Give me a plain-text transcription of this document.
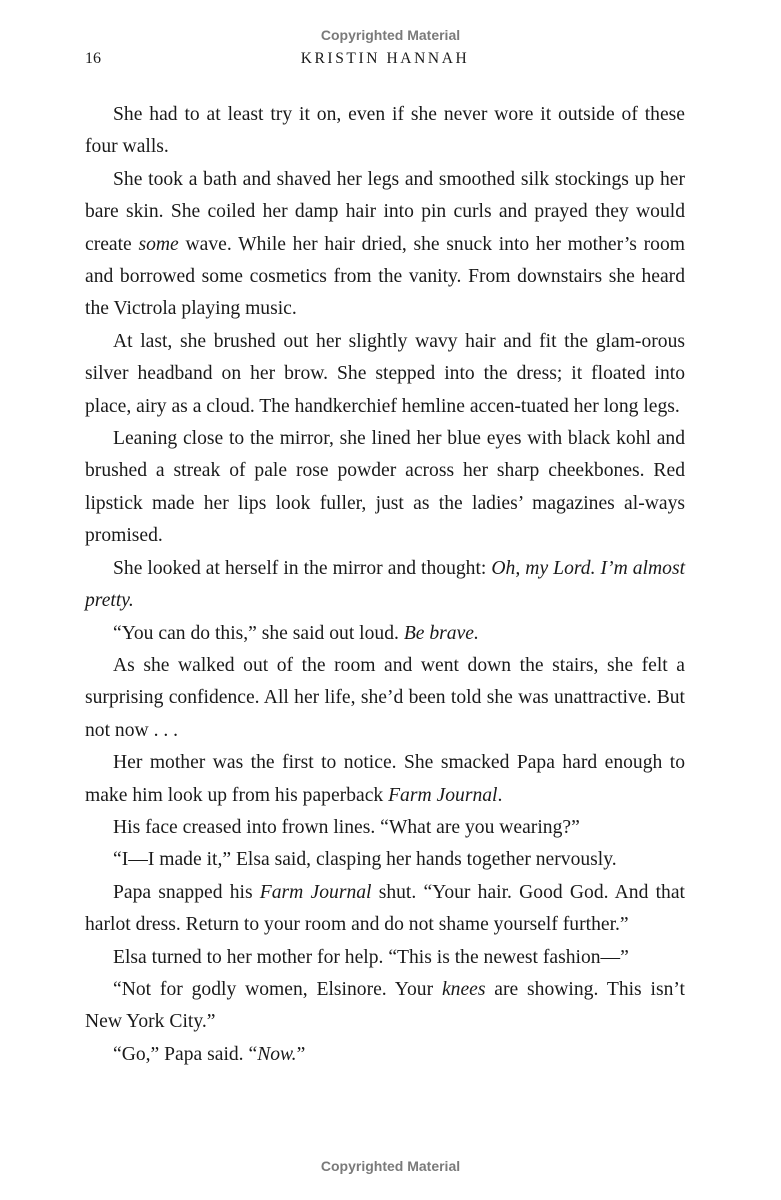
Copyrighted Material
16	KRISTIN HANNAH

She had to at least try it on, even if she never wore it outside of these four walls.

She took a bath and shaved her legs and smoothed silk stockings up her bare skin. She coiled her damp hair into pin curls and prayed they would create some wave. While her hair dried, she snuck into her mother’s room and borrowed some cosmetics from the vanity. From downstairs she heard the Victrola playing music.

At last, she brushed out her slightly wavy hair and fit the glam-orous silver headband on her brow. She stepped into the dress; it floated into place, airy as a cloud. The handkerchief hemline accen-tuated her long legs.

Leaning close to the mirror, she lined her blue eyes with black kohl and brushed a streak of pale rose powder across her sharp cheekbones. Red lipstick made her lips look fuller, just as the ladies’ magazines al-ways promised.

She looked at herself in the mirror and thought: Oh, my Lord. I’m almost pretty.

“You can do this,” she said out loud. Be brave.

As she walked out of the room and went down the stairs, she felt a surprising confidence. All her life, she’d been told she was unattractive. But not now . . .

Her mother was the first to notice. She smacked Papa hard enough to make him look up from his paperback Farm Journal.

His face creased into frown lines. “What are you wearing?”

“I—I made it,” Elsa said, clasping her hands together nervously.

Papa snapped his Farm Journal shut. “Your hair. Good God. And that harlot dress. Return to your room and do not shame yourself further.”

Elsa turned to her mother for help. “This is the newest fashion—”

“Not for godly women, Elsinore. Your knees are showing. This isn’t New York City.”

“Go,” Papa said. “Now.”

Copyrighted Material
